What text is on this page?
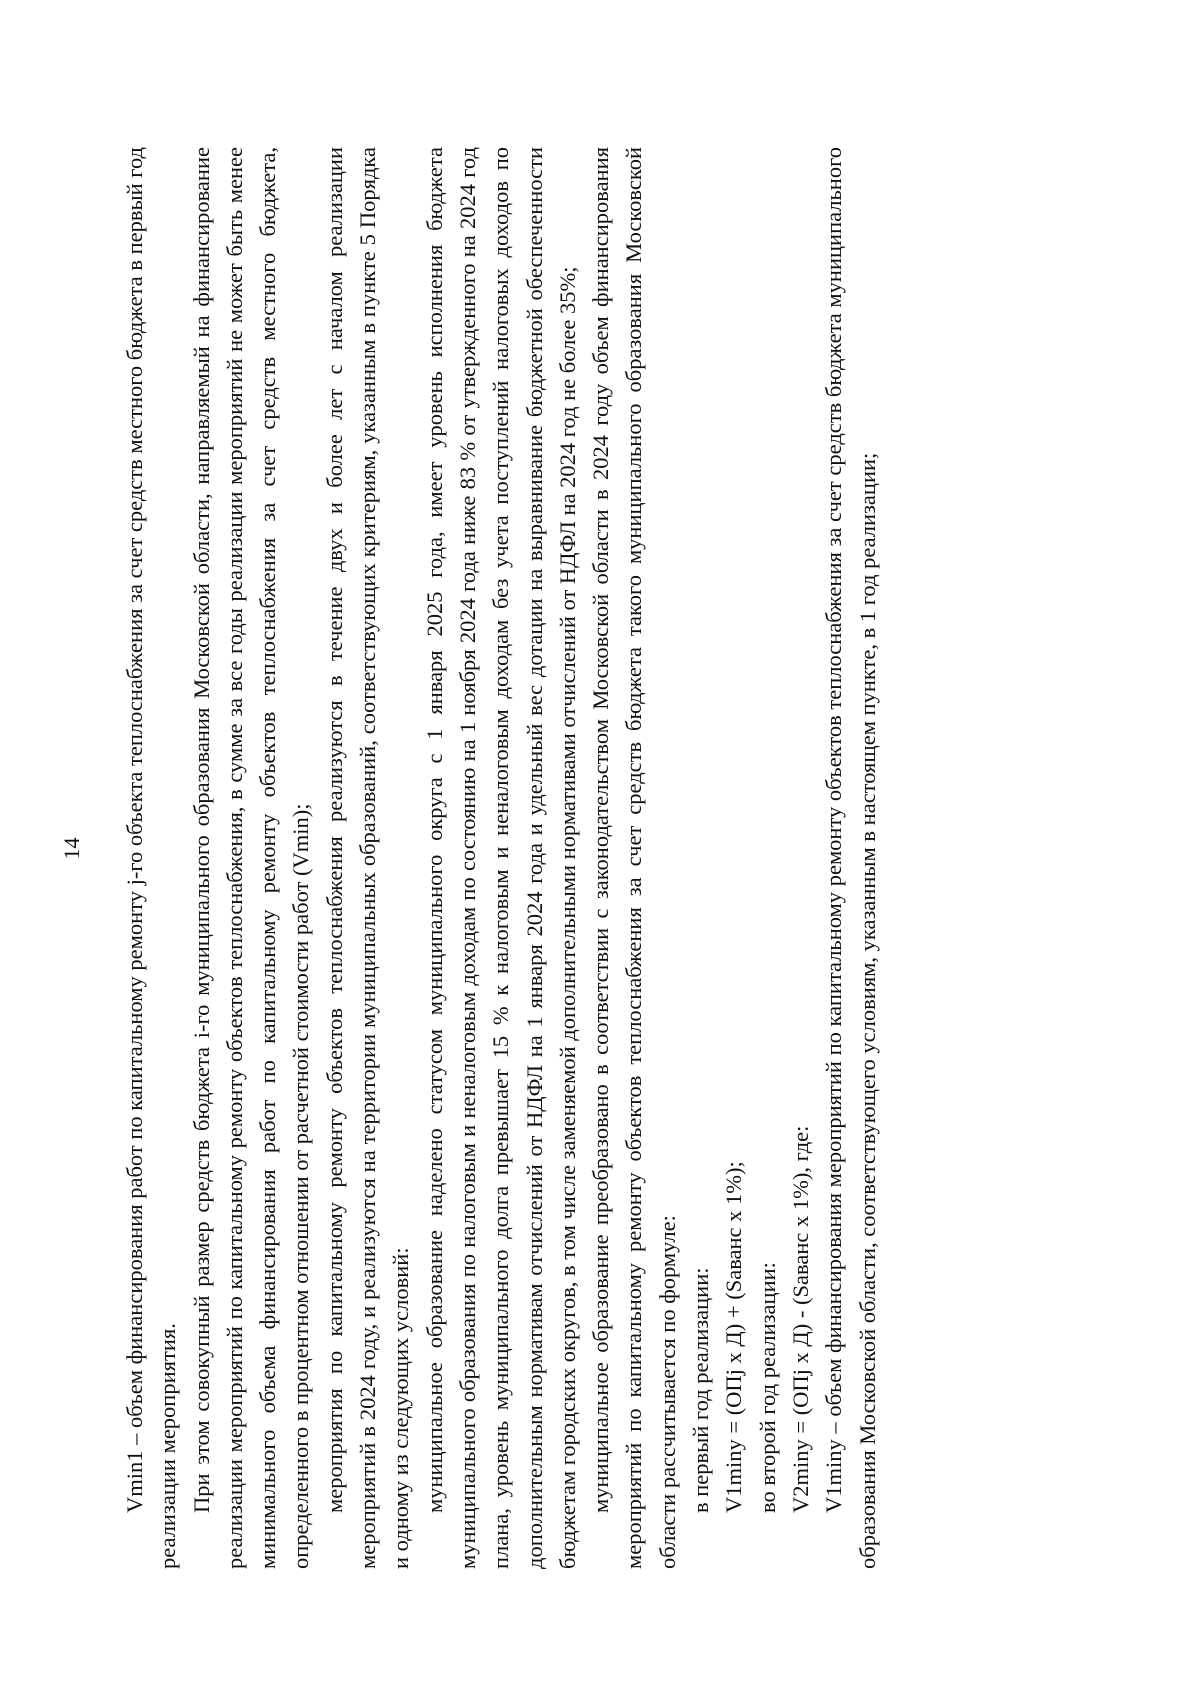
14 Vmin1 – объем финансирования работ по капитальному ремонту j-го объекта теплоснабжения за счет средств местного бюджета в первый год реализации мероприятия. При этом совокупный размер средств бюджета i-го муниципального образования Московской области, направляемый на финансирование реализации мероприятий по капитальному ремонту объектов теплоснабжения, в сумме за все годы реализации мероприятий не может быть менее минимального объема финансирования работ по капитальному ремонту объектов теплоснабжения за счет средств местного бюджета, определенного в процентном отношении от расчетной стоимости работ (Vmin); мероприятия по капитальному ремонту объектов теплоснабжения реализуются в течение двух и более лет с началом реализации мероприятий в 2024 году, и реализуются на территории муниципальных образований, соответствующих критериям, указанным в пункте 5 Порядка и одному из следующих условий: муниципальное образование наделено статусом муниципального округа с 1 января 2025 года, имеет уровень исполнения бюджета муниципального образования по налоговым и неналоговым доходам по состоянию на 1 ноября 2024 года ниже 83 % от утвержденного на 2024 год плана, уровень муниципального долга превышает 15 % к налоговым и неналоговым доходам без учета поступлений налоговых доходов по дополнительным нормативам отчислений от НДФЛ на 1 января 2024 года и удельный вес дотации на выравнивание бюджетной обеспеченности бюджетам городских округов, в том числе заменяемой дополнительными нормативами отчислений от НДФЛ на 2024 год не более 35%; муниципальное образование преобразовано в соответствии с законодательством Московской области в 2024 году объем финансирования мероприятий по капитальному ремонту объектов теплоснабжения за счет средств бюджета такого муниципального образования Московской области рассчитывается по формуле: в первый год реализации: V1miny = (ОПj x Д) + (Sаванс x 1%); во второй год реализации: V2miny = (ОПj x Д) - (Sаванс x 1%), где: V1miny – объем финансирования мероприятий по капитальному ремонту объектов теплоснабжения за счет средств бюджета муниципального образования Московской области, соответствующего условиям, указанным в настоящем пункте, в 1 год реализации;
